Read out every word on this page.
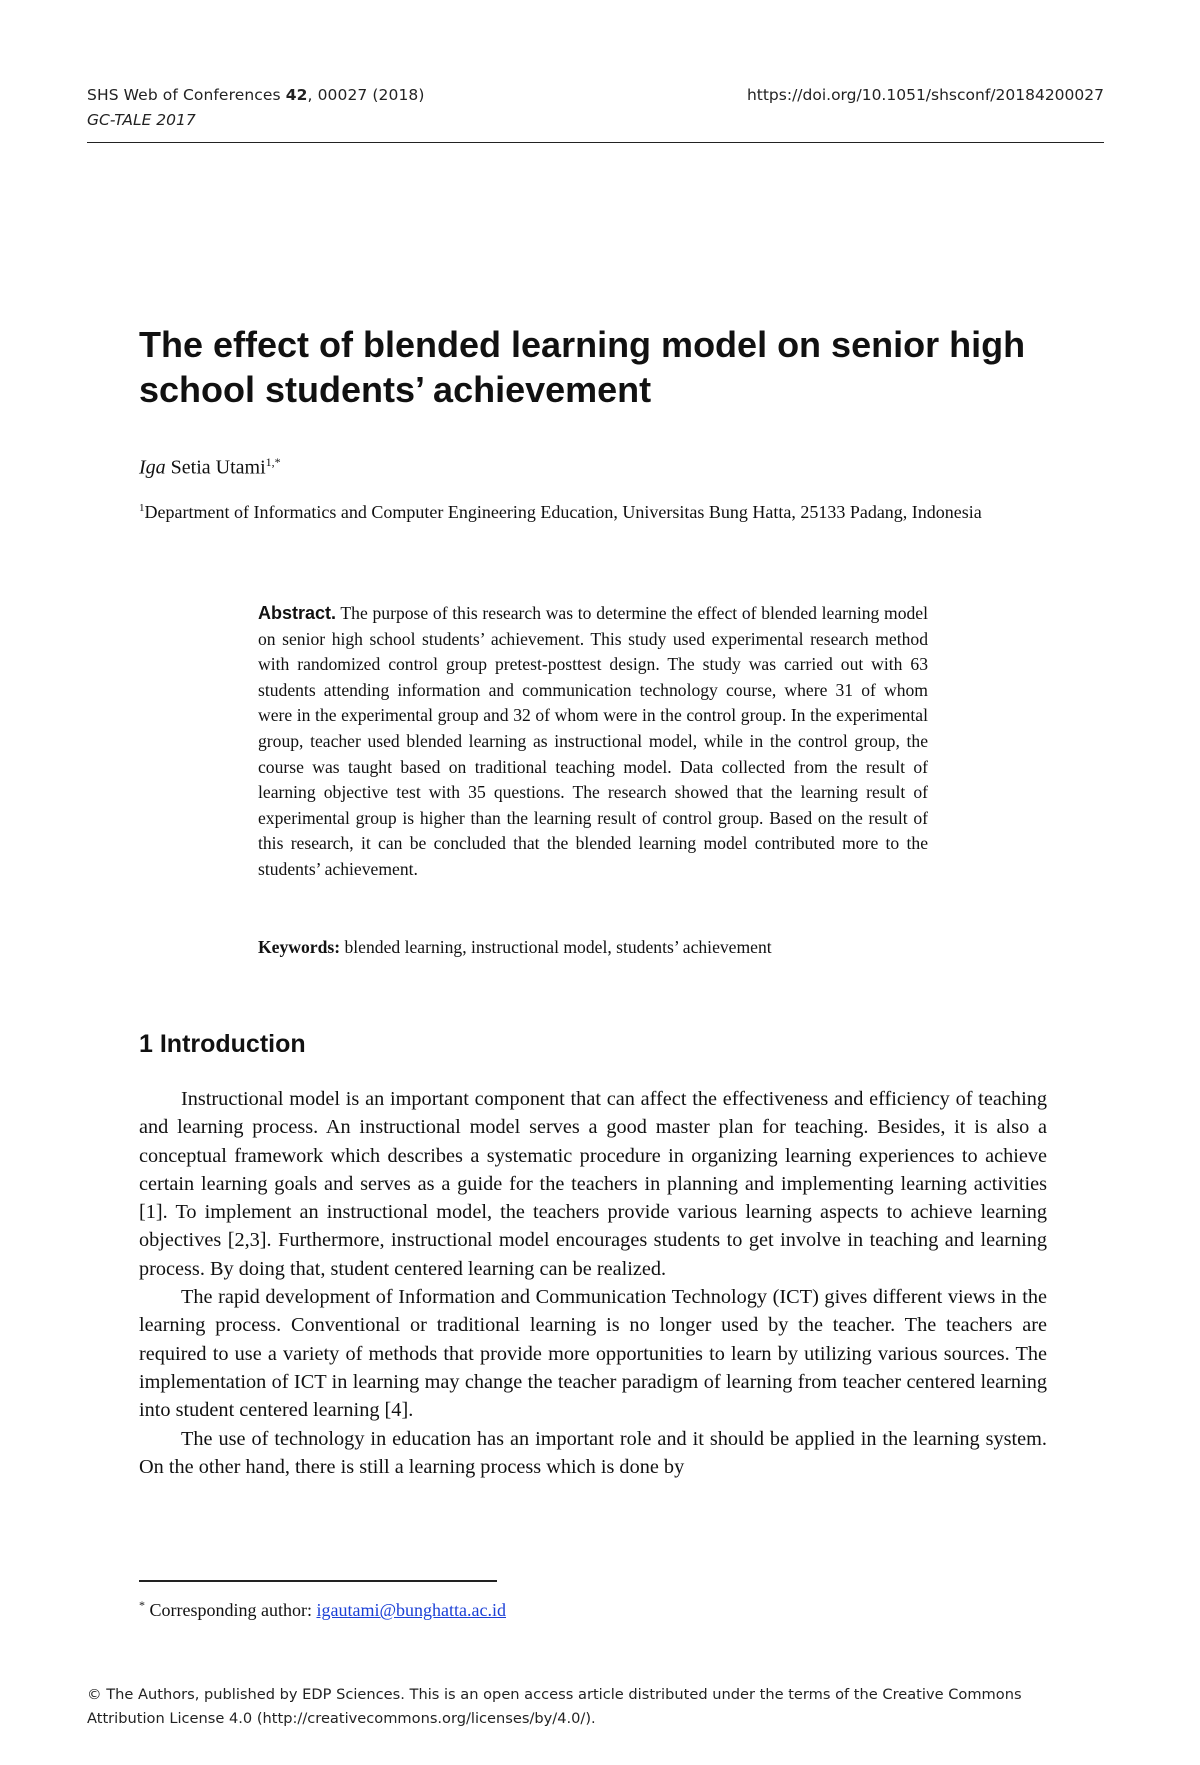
SHS Web of Conferences 42, 00027 (2018)	https://doi.org/10.1051/shsconf/20184200027
GC-TALE 2017
The effect of blended learning model on senior high school students’ achievement
Iga Setia Utami$^{1,*}$
$^1$Department of Informatics and Computer Engineering Education, Universitas Bung Hatta, 25133 Padang, Indonesia
Abstract. The purpose of this research was to determine the effect of blended learning model on senior high school students’ achievement. This study used experimental research method with randomized control group pretest-posttest design. The study was carried out with 63 students attending information and communication technology course, where 31 of whom were in the experimental group and 32 of whom were in the control group. In the experimental group, teacher used blended learning as instructional model, while in the control group, the course was taught based on traditional teaching model. Data collected from the result of learning objective test with 35 questions. The research showed that the learning result of experimental group is higher than the learning result of control group. Based on the result of this research, it can be concluded that the blended learning model contributed more to the students’ achievement.
Keywords: blended learning, instructional model, students’ achievement
1 Introduction

Instructional model is an important component that can affect the effectiveness and efficiency of teaching and learning process. An instructional model serves a good master plan for teaching. Besides, it is also a conceptual framework which describes a systematic procedure in organizing learning experiences to achieve certain learning goals and serves as a guide for the teachers in planning and implementing learning activities [1]. To implement an instructional model, the teachers provide various learning aspects to achieve learning objectives [2,3]. Furthermore, instructional model encourages students to get involve in teaching and learning process. By doing that, student centered learning can be realized.

The rapid development of Information and Communication Technology (ICT) gives different views in the learning process. Conventional or traditional learning is no longer used by the teacher. The teachers are required to use a variety of methods that provide more opportunities to learn by utilizing various sources. The implementation of ICT in learning may change the teacher paradigm of learning from teacher centered learning into student centered learning [4].

The use of technology in education has an important role and it should be applied in the learning system. On the other hand, there is still a learning process which is done by

* Corresponding author: igautami@bunghatta.ac.id
© The Authors, published by EDP Sciences. This is an open access article distributed under the terms of the Creative Commons
Attribution License 4.0 (http://creativecommons.org/licenses/by/4.0/).
